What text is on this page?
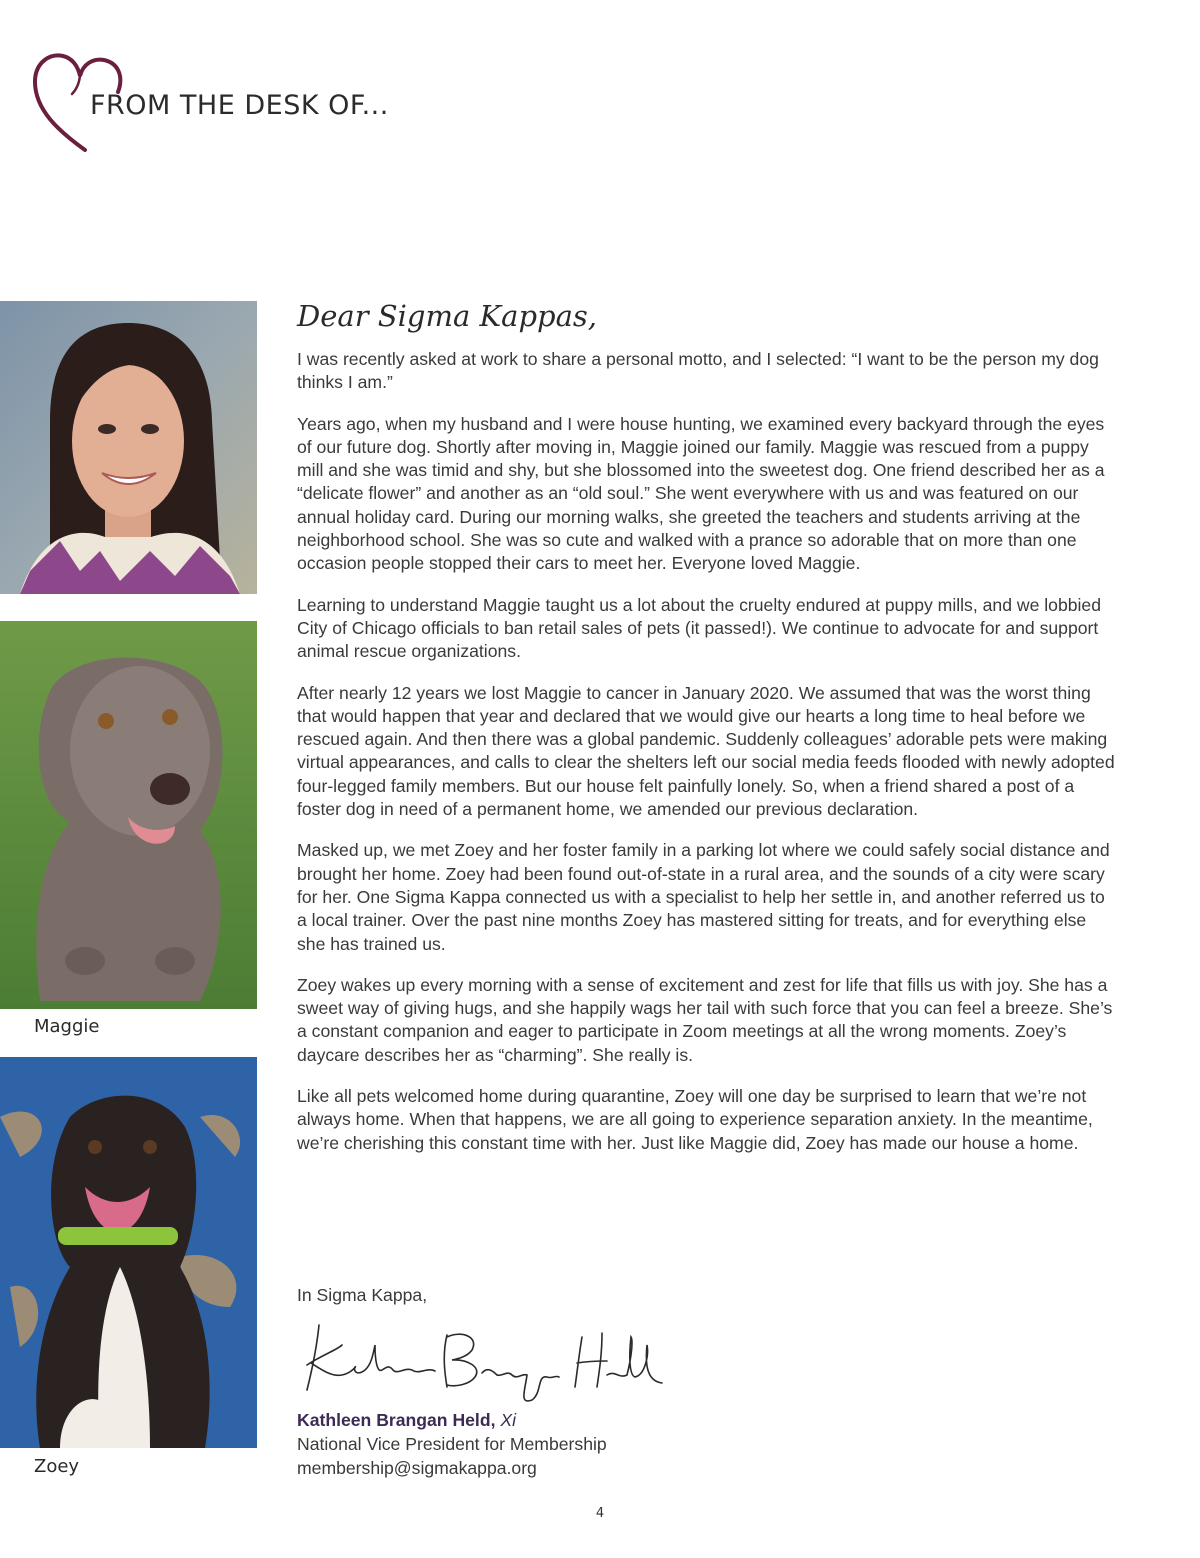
FROM THE DESK OF...
Maggie
Zoey
Dear Sigma Kappas,

I was recently asked at work to share a personal motto, and I selected: “I want to be the person my dog thinks I am.”

Years ago, when my husband and I were house hunting, we examined every backyard through the eyes of our future dog. Shortly after moving in, Maggie joined our family. Maggie was rescued from a puppy mill and she was timid and shy, but she blossomed into the sweetest dog. One friend described her as a “delicate flower” and another as an “old soul.” She went everywhere with us and was featured on our annual holiday card. During our morning walks, she greeted the teachers and students arriving at the neighborhood school. She was so cute and walked with a prance so adorable that on more than one occasion people stopped their cars to meet her. Everyone loved Maggie.

Learning to understand Maggie taught us a lot about the cruelty endured at puppy mills, and we lobbied City of Chicago officials to ban retail sales of pets (it passed!). We continue to advocate for and support animal rescue organizations.

After nearly 12 years we lost Maggie to cancer in January 2020. We assumed that was the worst thing that would happen that year and declared that we would give our hearts a long time to heal before we rescued again. And then there was a global pandemic. Suddenly colleagues’ adorable pets were making virtual appearances, and calls to clear the shelters left our social media feeds flooded with newly adopted four-legged family members. But our house felt painfully lonely. So, when a friend shared a post of a foster dog in need of a permanent home, we amended our previous declaration.

Masked up, we met Zoey and her foster family in a parking lot where we could safely social distance and brought her home. Zoey had been found out-of-state in a rural area, and the sounds of a city were scary for her. One Sigma Kappa connected us with a specialist to help her settle in, and another referred us to a local trainer. Over the past nine months Zoey has mastered sitting for treats, and for everything else she has trained us.

Zoey wakes up every morning with a sense of excitement and zest for life that fills us with joy. She has a sweet way of giving hugs, and she happily wags her tail with such force that you can feel a breeze. She’s a constant companion and eager to participate in Zoom meetings at all the wrong moments. Zoey’s daycare describes her as “charming”. She really is.

Like all pets welcomed home during quarantine, Zoey will one day be surprised to learn that we’re not always home. When that happens, we are all going to experience separation anxiety. In the meantime, we’re cherishing this constant time with her. Just like Maggie did, Zoey has made our house a home.

In Sigma Kappa,
Kathleen Brangan Held, Xi
National Vice President for Membership
membership@sigmakappa.org
4
